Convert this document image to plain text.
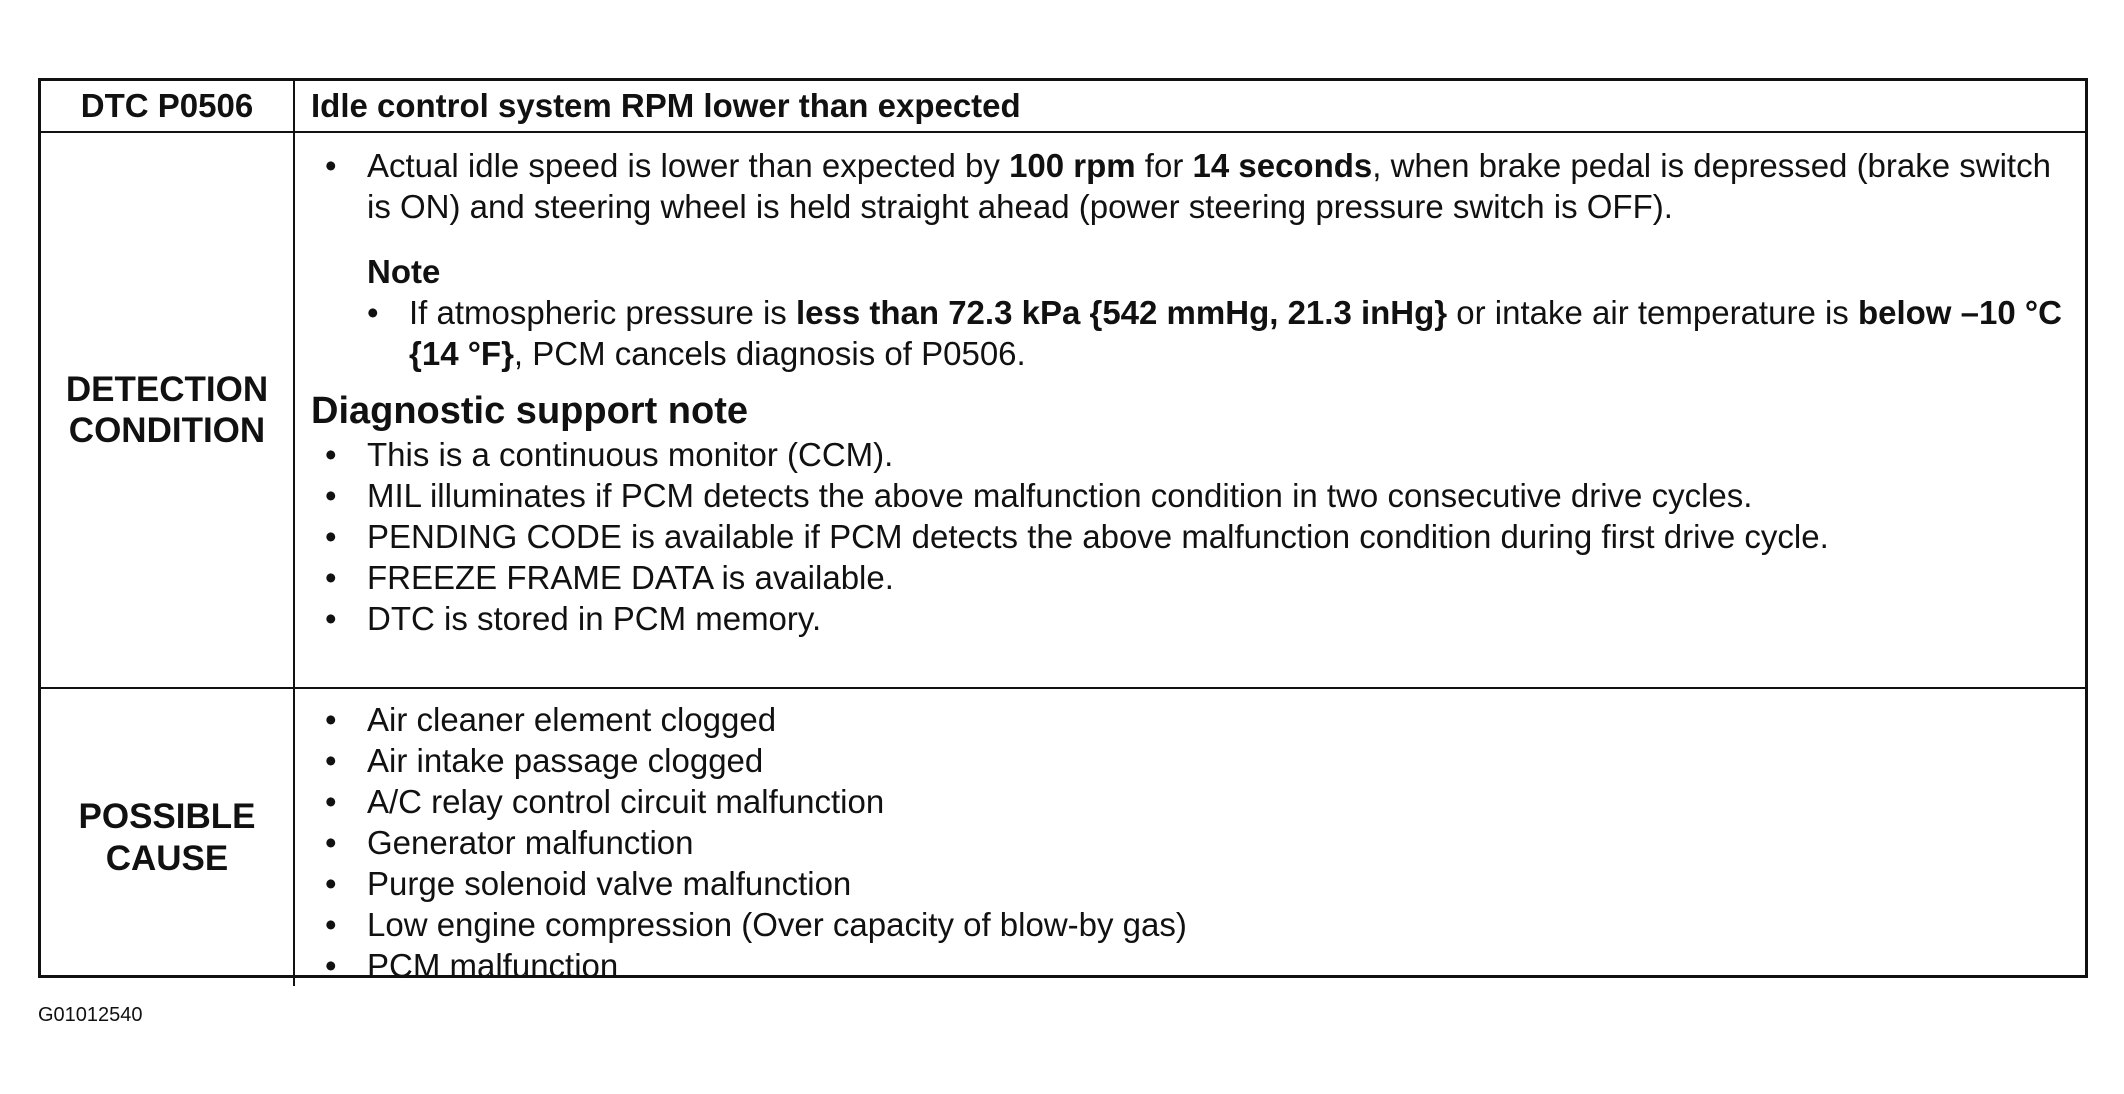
DTC P0506 Idle control system RPM lower than expected
DETECTION
CONDITION
• Actual idle speed is lower than expected by 100 rpm for 14 seconds, when brake pedal is depressed (brake switch is ON) and steering wheel is held straight ahead (power steering pressure switch is OFF).
Note
• If atmospheric pressure is less than 72.3 kPa {542 mmHg, 21.3 inHg} or intake air temperature is below –10 °C {14 °F}, PCM cancels diagnosis of P0506.
Diagnostic support note
• This is a continuous monitor (CCM).
• MIL illuminates if PCM detects the above malfunction condition in two consecutive drive cycles.
• PENDING CODE is available if PCM detects the above malfunction condition during first drive cycle.
• FREEZE FRAME DATA is available.
• DTC is stored in PCM memory.
POSSIBLE
CAUSE
• Air cleaner element clogged
• Air intake passage clogged
• A/C relay control circuit malfunction
• Generator malfunction
• Purge solenoid valve malfunction
• Low engine compression (Over capacity of blow-by gas)
• PCM malfunction
G01012540
